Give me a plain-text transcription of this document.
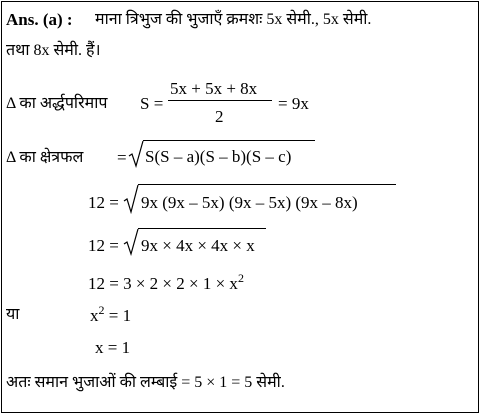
Ans. (a) : माना त्रिभुज की भुजाएँ क्रमशः 5x सेमी., 5x सेमी.
तथा 8x सेमी. हैं।
Δ का अर्द्धपरिमाप S =
5x + 5x + 8x
2
= 9x
Δ का क्षेत्रफल = S(S – a)(S – b)(S – c)
12 = 9x (9x – 5x) (9x – 5x) (9x – 8x)
12 = 9x × 4x × 4x × x
$12 = 3 \times 2 \times 2 \times 1 \times x^2$
या	$x^2 = 1$
x = 1
अतः समान भुजाओं की लम्बाई = 5 × 1 = 5 सेमी.
